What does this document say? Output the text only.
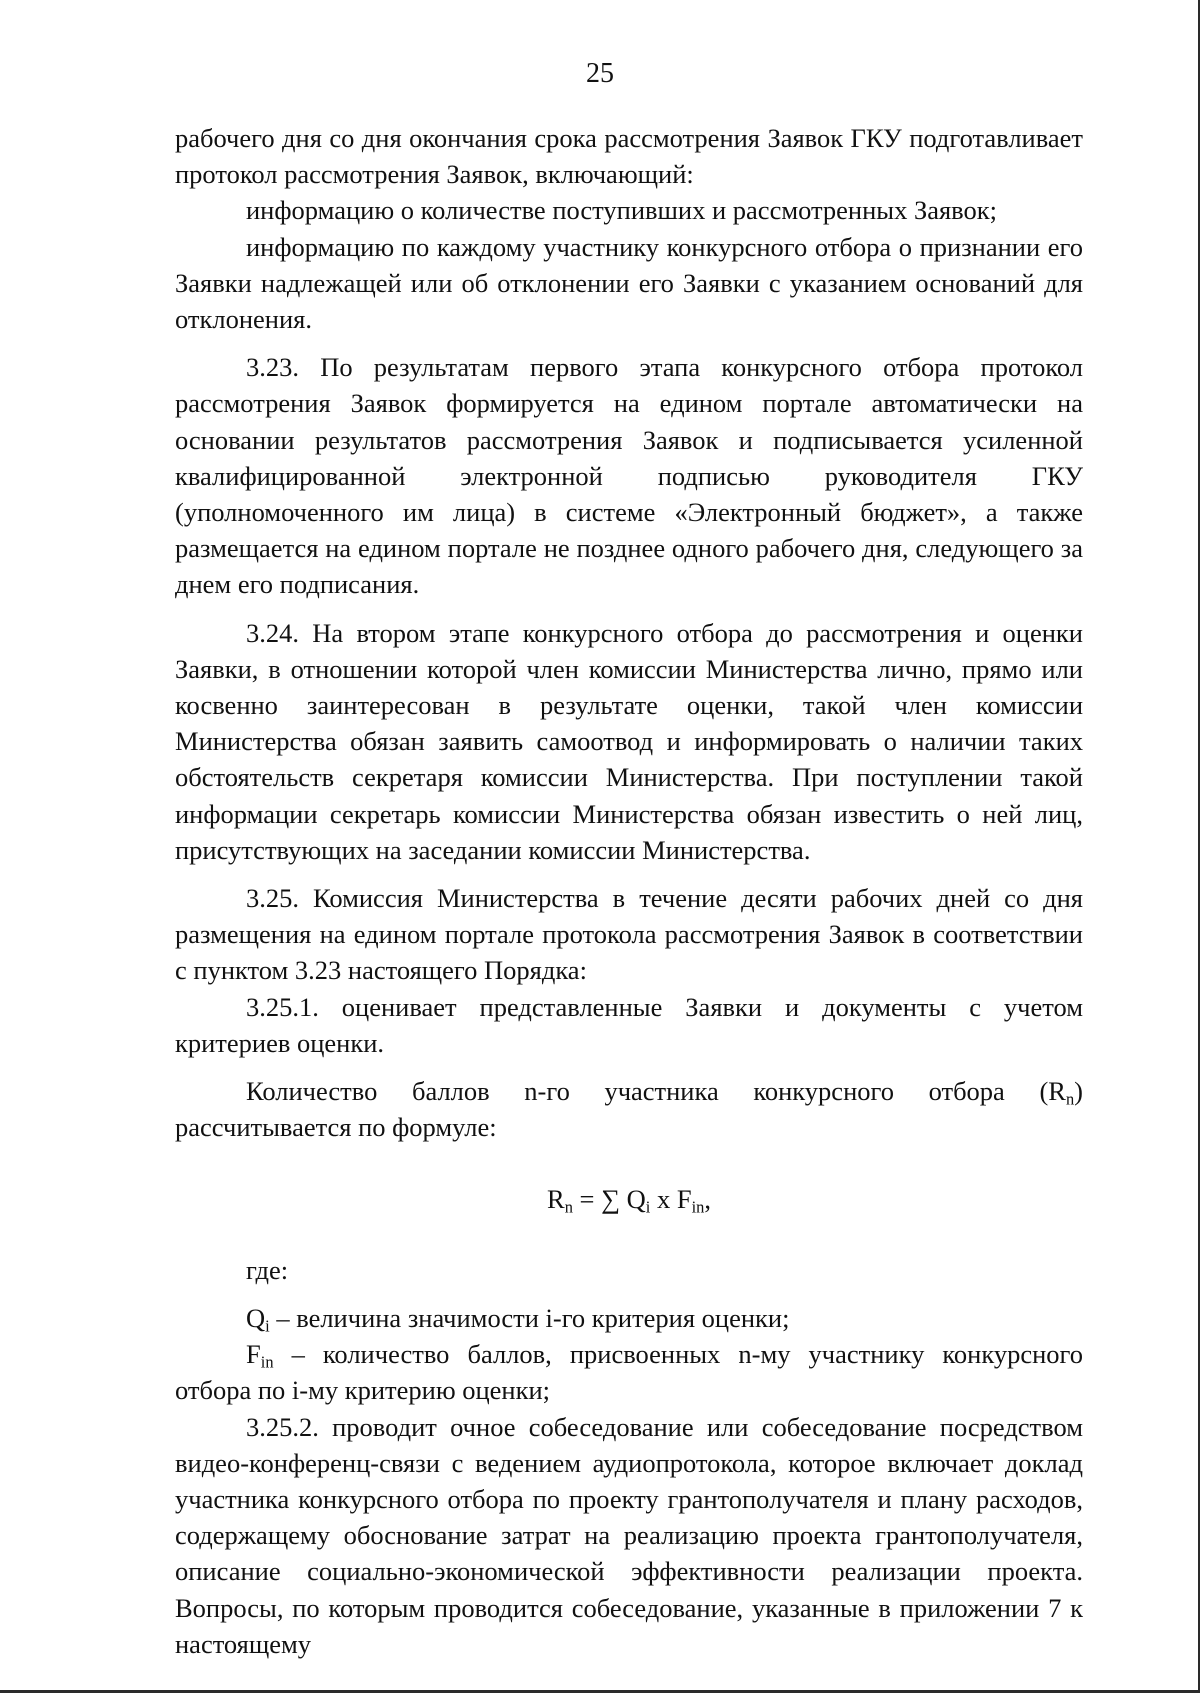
25

рабочего дня со дня окончания срока рассмотрения Заявок ГКУ подготавливает протокол рассмотрения Заявок, включающий:

информацию о количестве поступивших и рассмотренных Заявок;

информацию по каждому участнику конкурсного отбора о признании его Заявки надлежащей или об отклонении его Заявки с указанием оснований для отклонения.

3.23. По результатам первого этапа конкурсного отбора протокол рассмотрения Заявок формируется на едином портале автоматически на основании результатов рассмотрения Заявок и подписывается усиленной квалифицированной электронной подписью руководителя ГКУ (уполномоченного им лица) в системе «Электронный бюджет», а также размещается на едином портале не позднее одного рабочего дня, следующего за днем его подписания.

3.24. На втором этапе конкурсного отбора до рассмотрения и оценки Заявки, в отношении которой член комиссии Министерства лично, прямо или косвенно заинтересован в результате оценки, такой член комиссии Министерства обязан заявить самоотвод и информировать о наличии таких обстоятельств секретаря комиссии Министерства. При поступлении такой информации секретарь комиссии Министерства обязан известить о ней лиц, присутствующих на заседании комиссии Министерства.

3.25. Комиссия Министерства в течение десяти рабочих дней со дня размещения на едином портале протокола рассмотрения Заявок в соответствии с пунктом 3.23 настоящего Порядка:

3.25.1. оценивает представленные Заявки и документы с учетом критериев оценки.

Количество баллов n-го участника конкурсного отбора $(R_n)$ рассчитывается по формуле:

$R_n$ = ∑ $Q_i$ x $F_{in}$,

где:

$Q_i$ – величина значимости i-го критерия оценки;

$F_{in}$ – количество баллов, присвоенных n-му участнику конкурсного отбора по i-му критерию оценки;

3.25.2. проводит очное собеседование или собеседование посредством видео-конференц-связи с ведением аудиопротокола, которое включает доклад участника конкурсного отбора по проекту грантополучателя и плану расходов, содержащему обоснование затрат на реализацию проекта грантополучателя, описание социально-экономической эффективности реализации проекта. Вопросы, по которым проводится собеседование, указанные в приложении 7 к настоящему
